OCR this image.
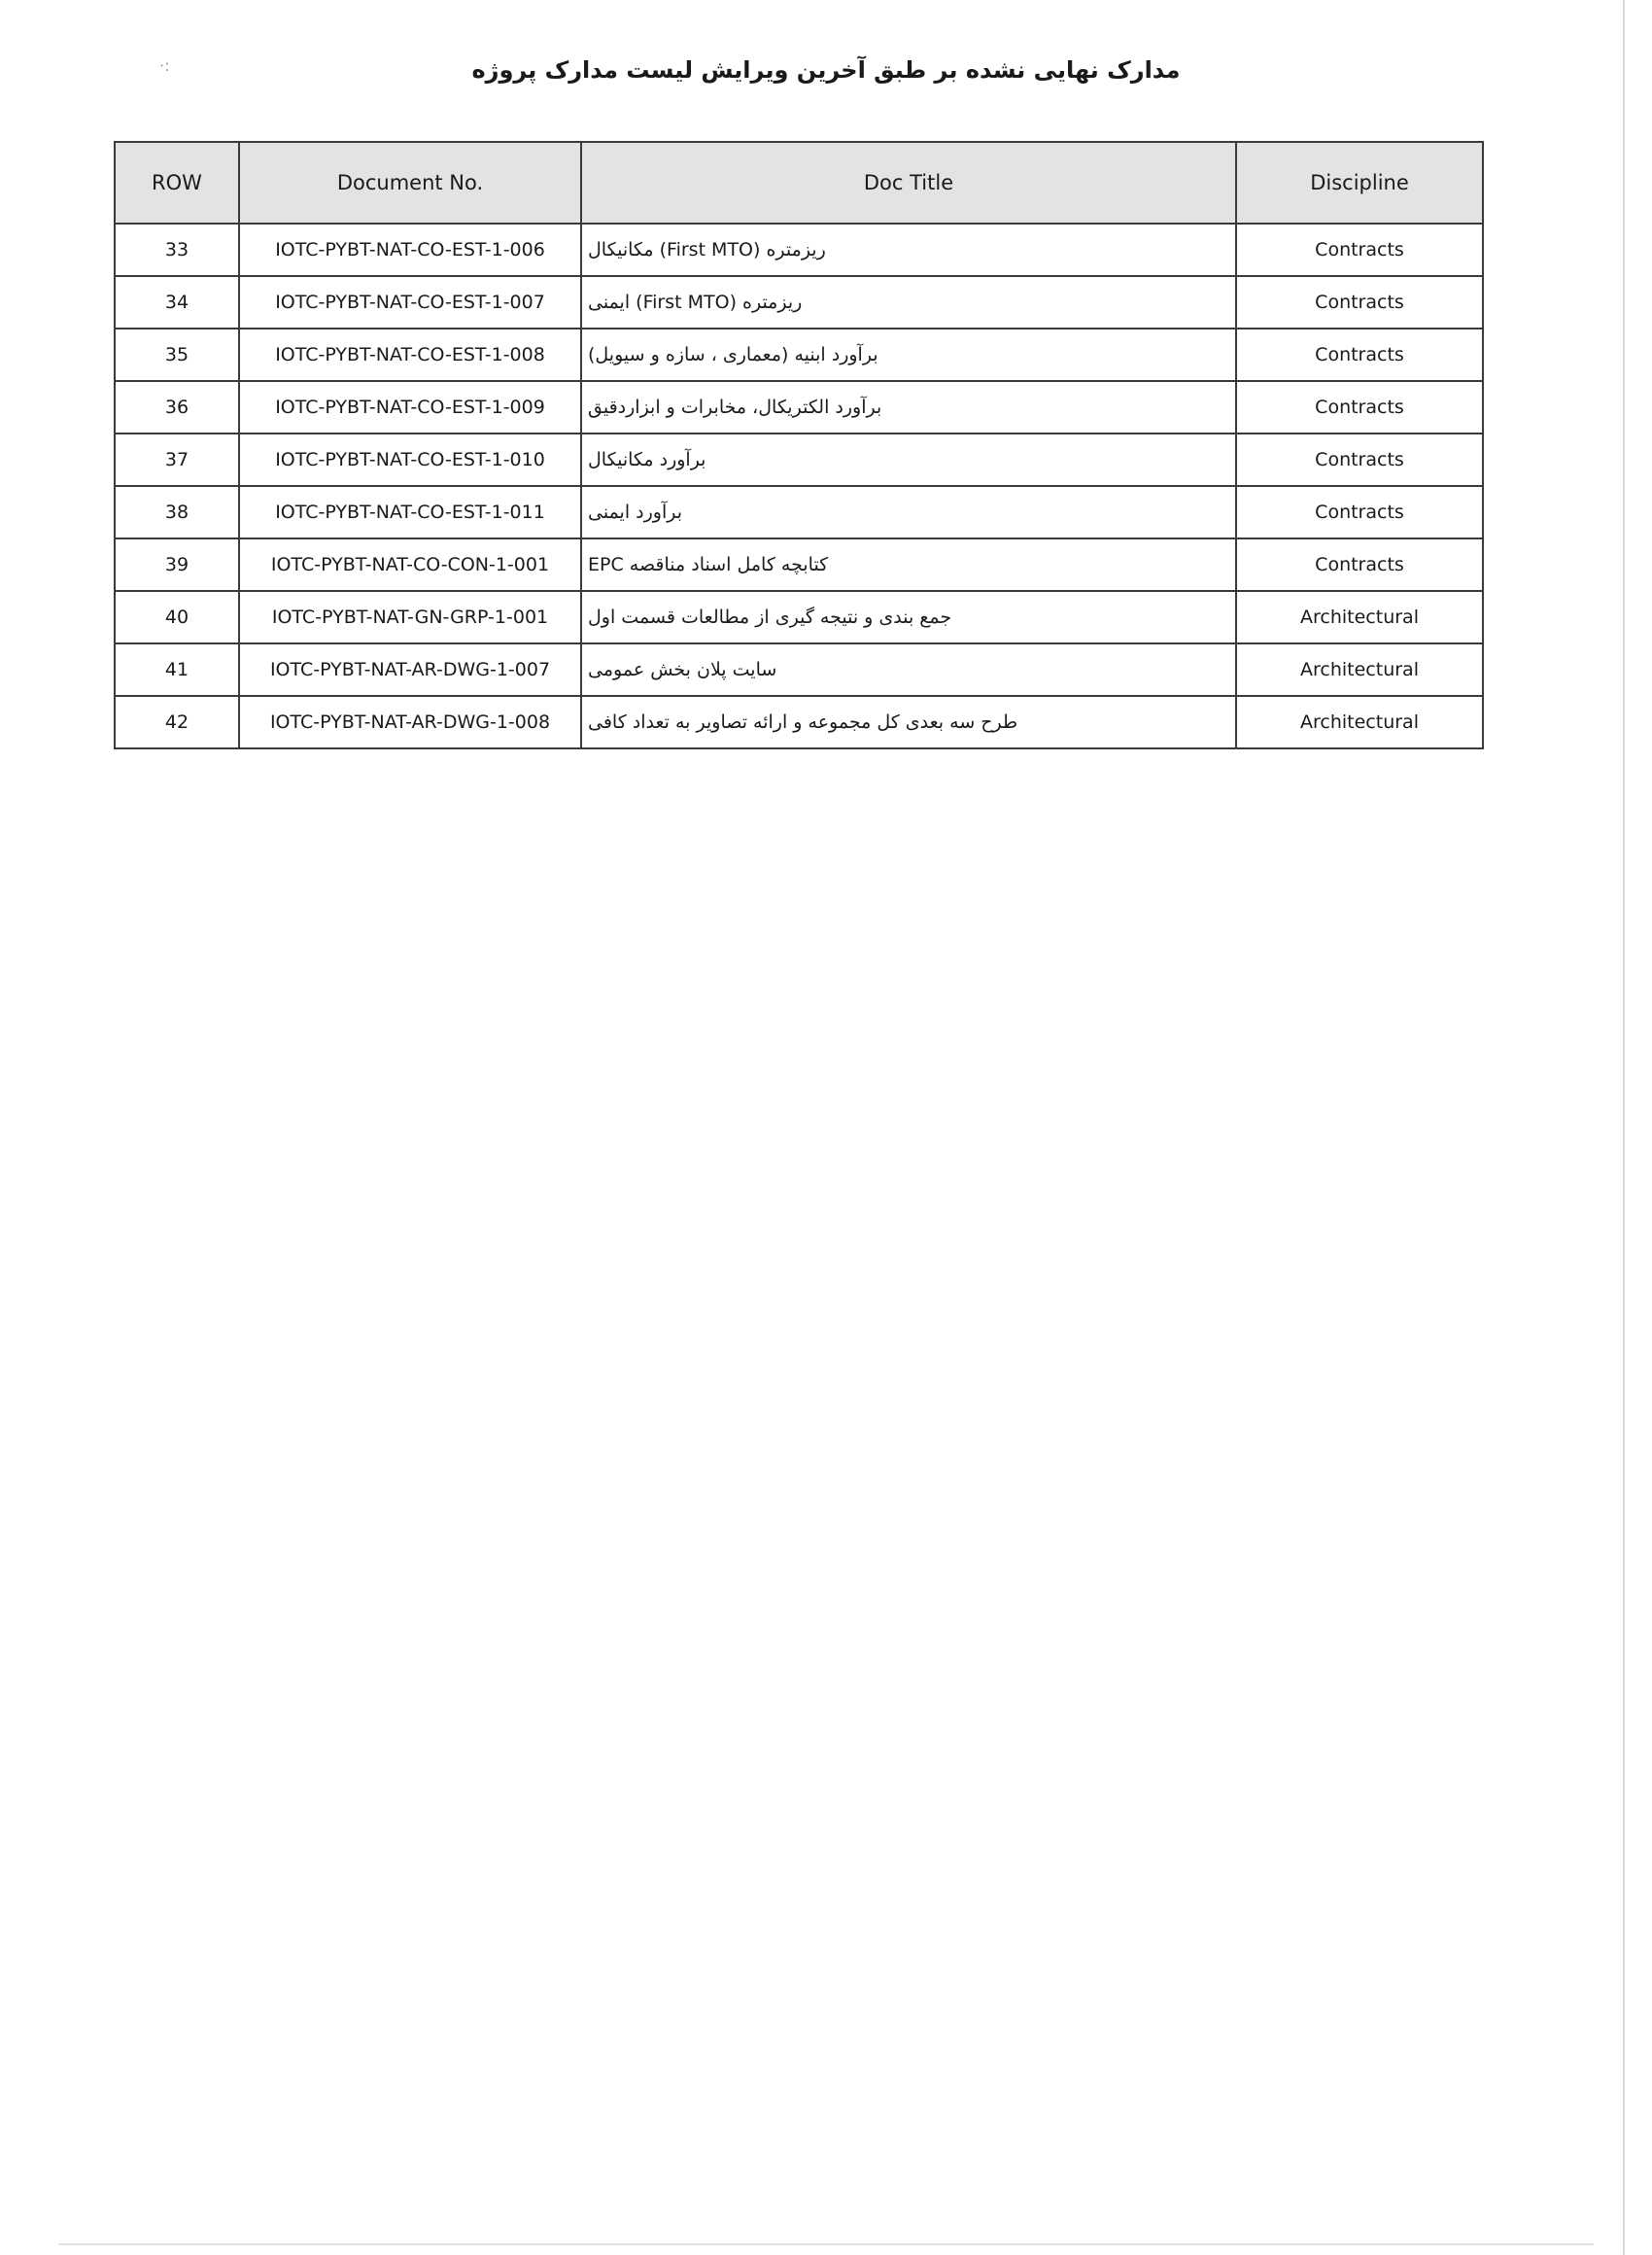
·:	مدارک نهایی نشده بر طبق آخرین ویرایش لیست مدارک پروژه
ROW	Document No.	Doc Title	Discipline
33	IOTC-PYBT-NAT-CO-EST-1-006	ریزمتره (First MTO) مکانیکال	Contracts
34	IOTC-PYBT-NAT-CO-EST-1-007	ریزمتره (First MTO) ایمنی	Contracts
35	IOTC-PYBT-NAT-CO-EST-1-008	برآورد ابنیه (معماری ، سازه و سیویل)	Contracts
36	IOTC-PYBT-NAT-CO-EST-1-009	برآورد الکتریکال، مخابرات و ابزاردقیق	Contracts
37	IOTC-PYBT-NAT-CO-EST-1-010	برآورد مکانیکال	Contracts
38	IOTC-PYBT-NAT-CO-EST-1-011	برآورد ایمنی	Contracts
39	IOTC-PYBT-NAT-CO-CON-1-001	کتابچه کامل اسناد مناقصه EPC	Contracts
40	IOTC-PYBT-NAT-GN-GRP-1-001	جمع بندی و نتیجه گیری از مطالعات قسمت اول	Architectural
41	IOTC-PYBT-NAT-AR-DWG-1-007	سایت پلان بخش عمومی	Architectural
42	IOTC-PYBT-NAT-AR-DWG-1-008	طرح سه بعدی کل مجموعه و ارائه تصاویر به تعداد کافی	Architectural
